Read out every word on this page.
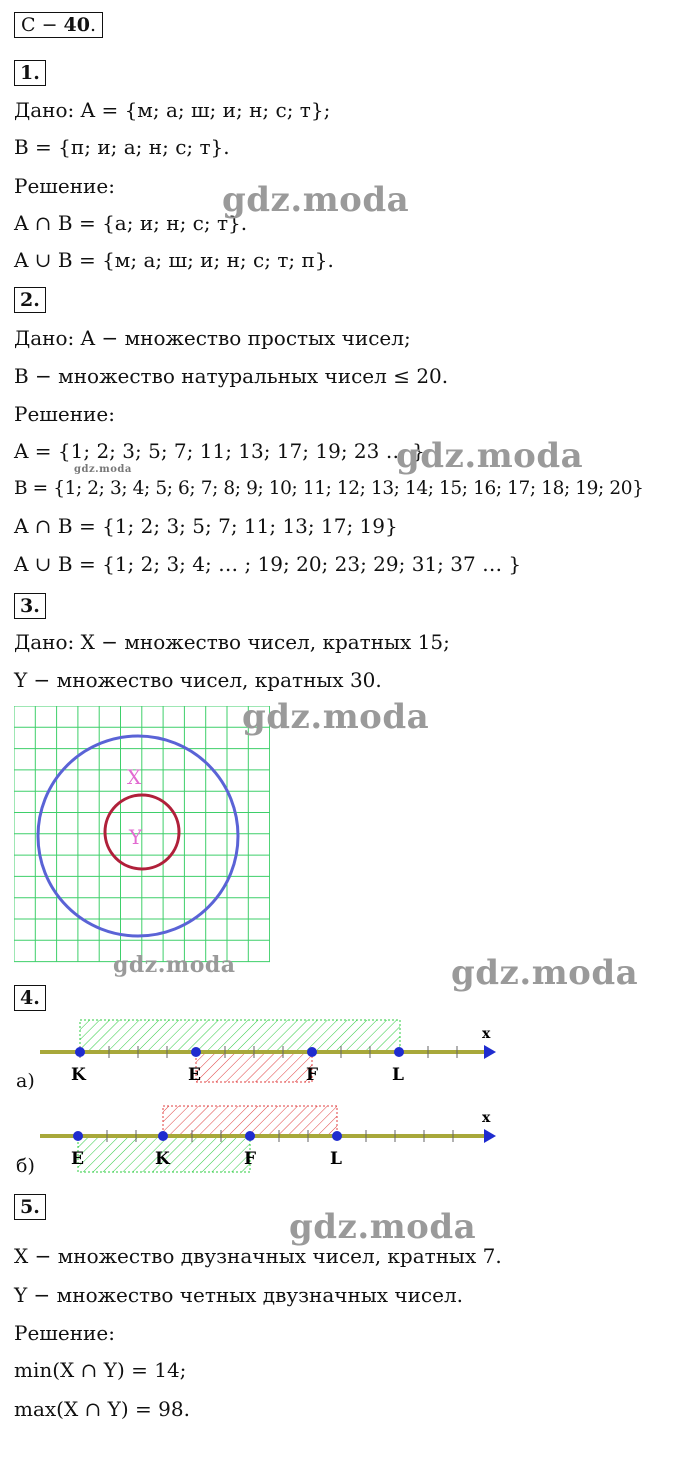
С − 40.
1.
Дано: A = {м; а; ш; и; н; с; т};
B = {п; и; а; н; с; т}.
Решение:
A ∩ B = {а; и; н; с; т}.
A ∪ B = {м; а; ш; и; н; с; т; п}.
2.
Дано: A − множество простых чисел;
B − множество натуральных чисел ≤ 20.
Решение:
A = {1; 2; 3; 5; 7; 11; 13; 17; 19; 23 … }
B = {1; 2; 3; 4; 5; 6; 7; 8; 9; 10; 11; 12; 13; 14; 15; 16; 17; 18; 19; 20}
A ∩ B = {1; 2; 3; 5; 7; 11; 13; 17; 19}
A ∪ B = {1; 2; 3; 4; … ; 19; 20; 23; 29; 31; 37 … }
3.
Дано: X − множество чисел, кратных 15;
Y − множество чисел, кратных 30.
X
Y
4.
x
K	E	F	L
а)
x
E	K	F	L
б)
5.
X − множество двузначных чисел, кратных 7.
Y − множество четных двузначных чисел.
Решение:
min(X ∩ Y) = 14;
max(X ∩ Y) = 98.
gdz.moda
gdz.moda
gdz.moda
gdz.moda
gdz.moda	gdz.moda
gdz.moda
